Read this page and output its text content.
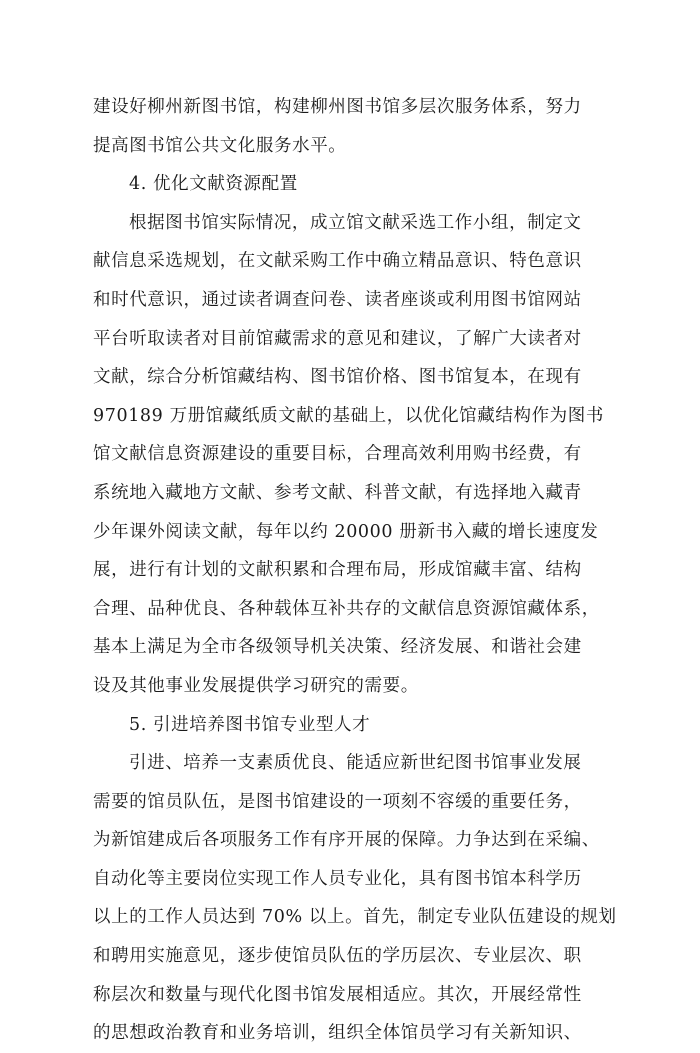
建设好柳州新图书馆，构建柳州图书馆多层次服务体系，努力
提高图书馆公共文化服务水平。
4. 优化文献资源配置
根据图书馆实际情况，成立馆文献采选工作小组，制定文
献信息采选规划，在文献采购工作中确立精品意识、特色意识
和时代意识，通过读者调查问卷、读者座谈或利用图书馆网站
平台听取读者对目前馆藏需求的意见和建议，了解广大读者对
文献，综合分析馆藏结构、图书馆价格、图书馆复本，在现有
970189 万册馆藏纸质文献的基础上，以优化馆藏结构作为图书
馆文献信息资源建设的重要目标，合理高效利用购书经费，有
系统地入藏地方文献、参考文献、科普文献，有选择地入藏青
少年课外阅读文献，每年以约 20000 册新书入藏的增长速度发
展，进行有计划的文献积累和合理布局，形成馆藏丰富、结构
合理、品种优良、各种载体互补共存的文献信息资源馆藏体系，
基本上满足为全市各级领导机关决策、经济发展、和谐社会建
设及其他事业发展提供学习研究的需要。
5. 引进培养图书馆专业型人才
引进、培养一支素质优良、能适应新世纪图书馆事业发展
需要的馆员队伍，是图书馆建设的一项刻不容缓的重要任务，
为新馆建成后各项服务工作有序开展的保障。力争达到在采编、
自动化等主要岗位实现工作人员专业化，具有图书馆本科学历
以上的工作人员达到 70% 以上。首先，制定专业队伍建设的规划
和聘用实施意见，逐步使馆员队伍的学历层次、专业层次、职
称层次和数量与现代化图书馆发展相适应。其次，开展经常性
的思想政治教育和业务培训，组织全体馆员学习有关新知识、
